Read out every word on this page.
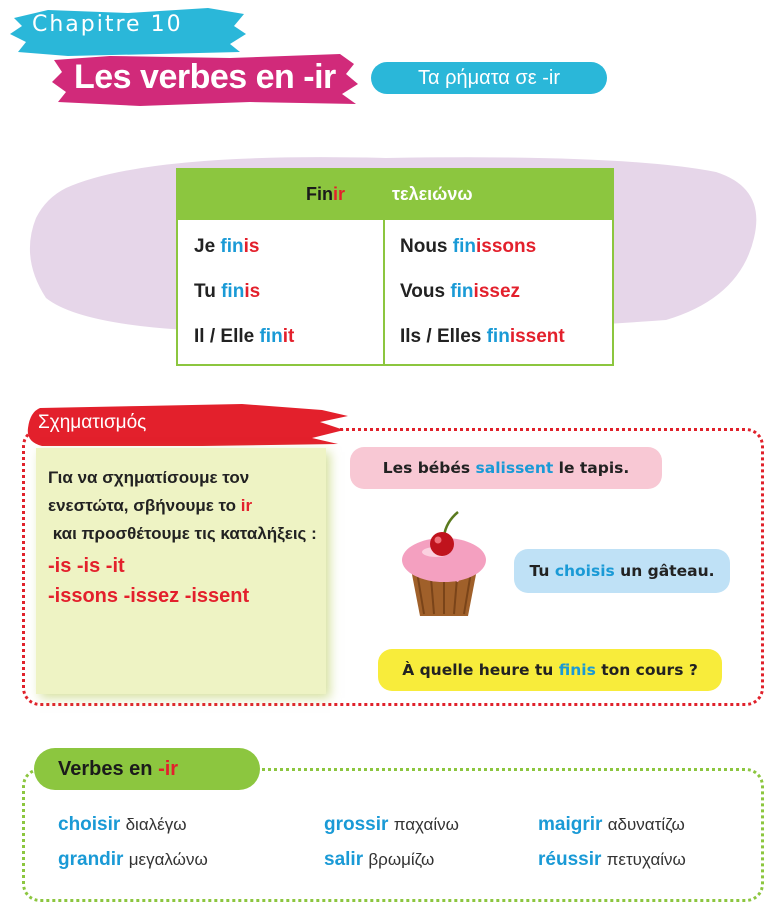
Chapitre 10
Les verbes en -ir	Τα ρήματα σε -ir
Finir	τελειώνω
Je finis
Tu finis
Il / Elle finit
Nous finissons
Vous finissez
Ils / Elles finissent
Σχηματισμός
Για να σχηματίσουμε τον ενεστώτα, σβήνουμε το ir
και προσθέτουμε τις καταλήξεις :
-is -is -it
-issons -issez -issent
Les bébés salissent le tapis.
Tu choisis un gâteau.
À quelle heure tu finis ton cours ?
Verbes en -ir
choisir διαλέγω
grandir μεγαλώνω
grossir παχαίνω
salir βρωμίζω
maigrir αδυνατίζω
réussir πετυχαίνω
